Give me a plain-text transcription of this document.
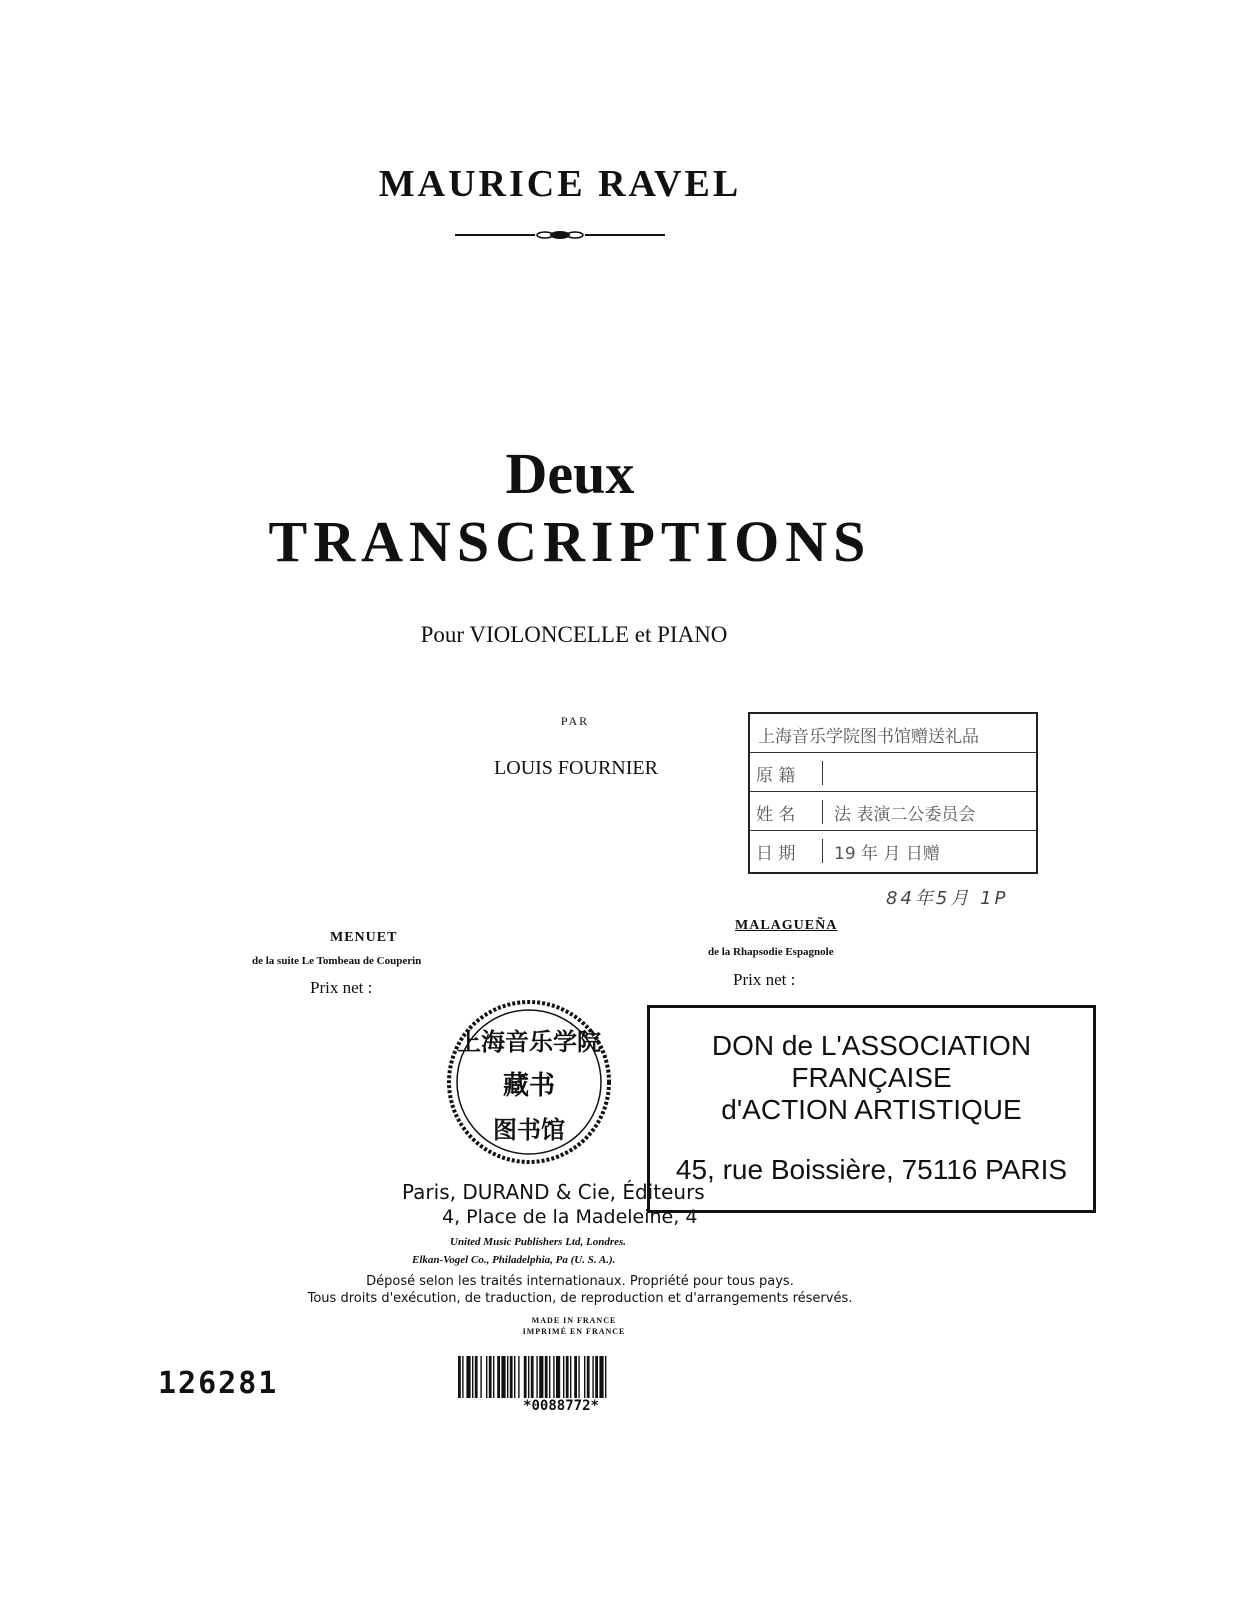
MAURICE RAVEL
Deux
TRANSCRIPTIONS
Pour VIOLONCELLE et PIANO
PAR
LOUIS FOURNIER
上海音乐学院图书馆赠送礼品
原 籍
姓 名	法 表演二公委员会
日 期	19 年 月 日赠
84年5月 1P
MENUET
de la suite Le Tombeau de Couperin
Prix net :
MALAGUEÑA
de la Rhapsodie Espagnole
Prix net :
上海音乐学院
藏书
图书馆
DON de L'ASSOCIATION FRANÇAISE
d'ACTION ARTISTIQUE
45, rue Boissière, 75116 PARIS
Paris, DURAND & Cie, Éditeurs
4, Place de la Madeleine, 4
United Music Publishers Ltd, Londres.
Elkan-Vogel Co., Philadelphia, Pa (U. S. A.).
Déposé selon les traités internationaux. Propriété pour tous pays.
Tous droits d'exécution, de traduction, de reproduction et d'arrangements réservés.
MADE IN FRANCE
IMPRIMÉ EN FRANCE
126281
*0088772*
